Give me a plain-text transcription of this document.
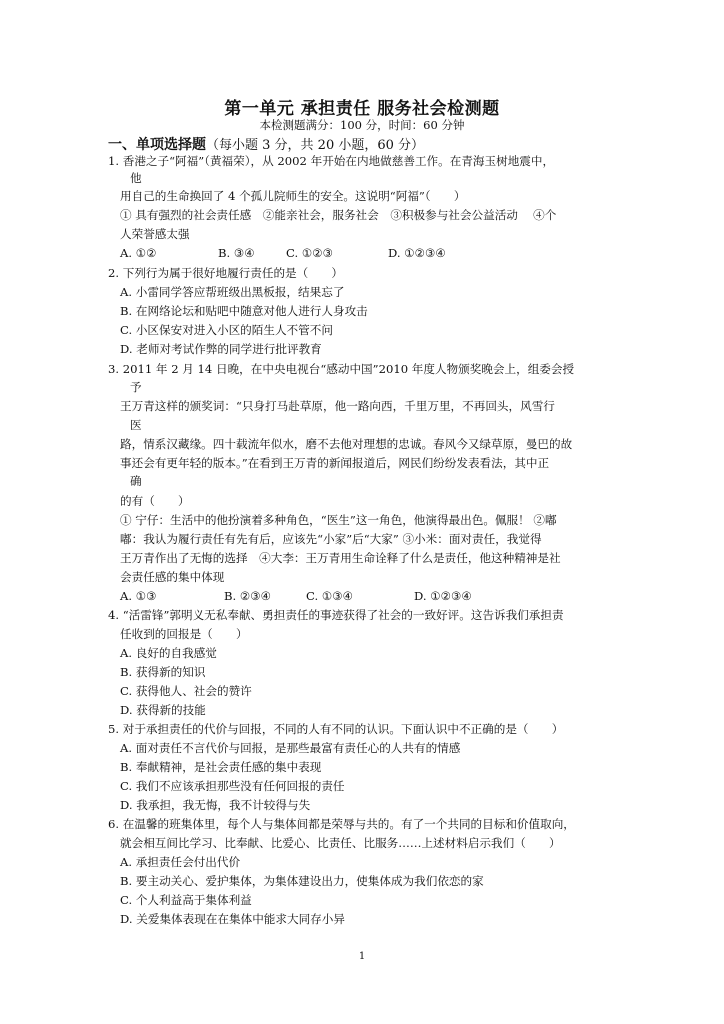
第一单元 承担责任 服务社会检测题
本检测题满分：100 分，时间：60 分钟
一、单项选择题（每小题 3 分，共 20 小题，60 分）
1. 香港之子“阿福”（黄福荣），从 2002 年开始在内地做慈善工作。在青海玉树地震中，
他
用自己的生命换回了 4 个孤儿院师生的安全。这说明“阿福”（　　）
① 具有强烈的社会责任感　②能亲社会，服务社会　③积极参与社会公益活动　 ④个
人荣誉感太强
A. ①②	B. ③④	C. ①②③	D. ①②③④
2. 下列行为属于很好地履行责任的是（　　）
A. 小雷同学答应帮班级出黑板报，结果忘了
B. 在网络论坛和贴吧中随意对他人进行人身攻击
C. 小区保安对进入小区的陌生人不管不问
D. 老师对考试作弊的同学进行批评教育
3. 2011 年 2 月 14 日晚，在中央电视台“感动中国”2010 年度人物颁奖晚会上，组委会授
予
王万青这样的颁奖词：“只身打马赴草原，他一路向西，千里万里，不再回头，风雪行
医
路，情系汉藏缘。四十载流年似水，磨不去他对理想的忠诚。春风今又绿草原，曼巴的故
事还会有更年轻的版本。”在看到王万青的新闻报道后，网民们纷纷发表看法，其中正
确
的有（　　）
① 宁仔：生活中的他扮演着多种角色，“医生”这一角色，他演得最出色。佩服！ ②嘟
嘟：我认为履行责任有先有后，应该先“小家”后“大家” ③小米：面对责任，我觉得
王万青作出了无悔的选择　④大李：王万青用生命诠释了什么是责任，他这种精神是社
会责任感的集中体现
A. ①③	B. ②③④	C. ①③④	D. ①②③④
4. “活雷锋”郭明义无私奉献、勇担责任的事迹获得了社会的一致好评。这告诉我们承担责
任收到的回报是（　　）
A. 良好的自我感觉
B. 获得新的知识
C. 获得他人、社会的赞许
D. 获得新的技能
5. 对于承担责任的代价与回报，不同的人有不同的认识。下面认识中不正确的是（　　）
A. 面对责任不言代价与回报，是那些最富有责任心的人共有的情感
B. 奉献精神，是社会责任感的集中表现
C. 我们不应该承担那些没有任何回报的责任
D. 我承担，我无悔，我不计较得与失
6. 在温馨的班集体里，每个人与集体间都是荣辱与共的。有了一个共同的目标和价值取向，
就会相互间比学习、比奉献、比爱心、比责任、比服务……上述材料启示我们（　　）
A. 承担责任会付出代价
B. 要主动关心、爱护集体，为集体建设出力，使集体成为我们依恋的家
C. 个人利益高于集体利益
D. 关爱集体表现在在集体中能求大同存小异
1
